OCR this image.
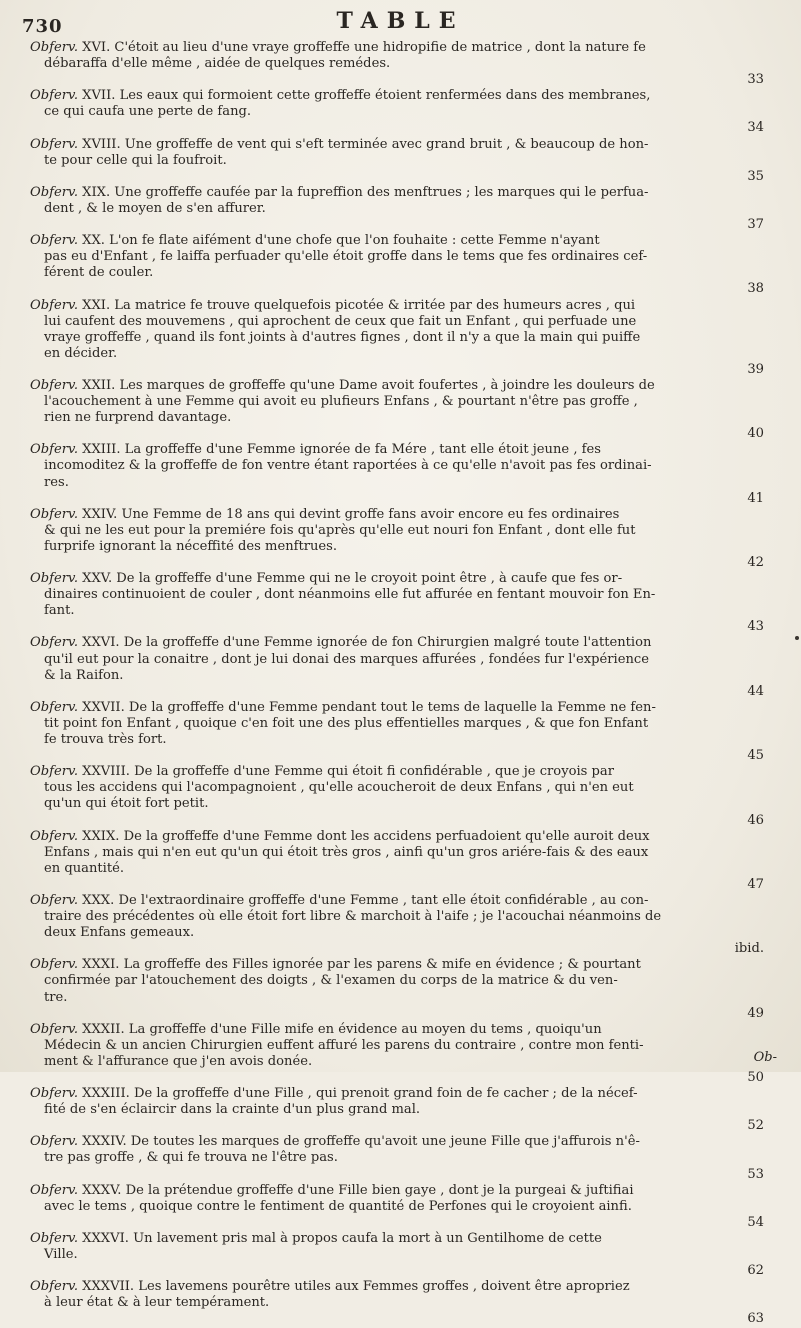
730	TABLE
Obferv. XVI. C'étoit au lieu d'une vraye groffeffe une hidropifie de matrice , dont la nature fe
débaraffa d'elle même , aidée de quelques remédes.
33
Obferv. XVII. Les eaux qui formoient cette groffeffe étoient renfermées dans des membranes,
ce qui caufa une perte de fang.
34
Obferv. XVIII. Une groffeffe de vent qui s'eft terminée avec grand bruit , & beaucoup de hon-
te pour celle qui la foufroit.
35
Obferv. XIX. Une groffeffe caufée par la fupreffion des menftrues ; les marques qui le perfua-
dent , & le moyen de s'en affurer.
37
Obferv. XX. L'on fe flate aifément d'une chofe que l'on fouhaite : cette Femme n'ayant
pas eu d'Enfant , fe laiffa perfuader qu'elle étoit groffe dans le tems que fes ordinaires cef-
férent de couler.
38
Obferv. XXI. La matrice fe trouve quelquefois picotée & irritée par des humeurs acres , qui
lui caufent des mouvemens , qui aprochent de ceux que fait un Enfant , qui perfuade une
vraye groffeffe , quand ils font joints à d'autres fignes , dont il n'y a que la main qui puiffe
en décider.
39
Obferv. XXII. Les marques de groffeffe qu'une Dame avoit foufertes , à joindre les douleurs de
l'acouchement à une Femme qui avoit eu plufieurs Enfans , & pourtant n'être pas groffe ,
rien ne furprend davantage.
40
Obferv. XXIII. La groffeffe d'une Femme ignorée de fa Mére , tant elle étoit jeune , fes
incomoditez & la groffeffe de fon ventre étant raportées à ce qu'elle n'avoit pas fes ordinai-
res.
41
Obferv. XXIV. Une Femme de 18 ans qui devint groffe fans avoir encore eu fes ordinaires
& qui ne les eut pour la premiére fois qu'après qu'elle eut nouri fon Enfant , dont elle fut
furprife ignorant la néceffité des menftrues.
42
Obferv. XXV. De la groffeffe d'une Femme qui ne le croyoit point être , à caufe que fes or-
dinaires continuoient de couler , dont néanmoins elle fut affurée en fentant mouvoir fon En-
fant.
43
Obferv. XXVI. De la groffeffe d'une Femme ignorée de fon Chirurgien malgré toute l'attention
qu'il eut pour la conaitre , dont je lui donai des marques affurées , fondées fur l'expérience
& la Raifon.
44
Obferv. XXVII. De la groffeffe d'une Femme pendant tout le tems de laquelle la Femme ne fen-
tit point fon Enfant , quoique c'en foit une des plus effentielles marques , & que fon Enfant
fe trouva très fort.
45
Obferv. XXVIII. De la groffeffe d'une Femme qui étoit fi confidérable , que je croyois par
tous les accidens qui l'acompagnoient , qu'elle acoucheroit de deux Enfans , qui n'en eut
qu'un qui étoit fort petit.
46
Obferv. XXIX. De la groffeffe d'une Femme dont les accidens perfuadoient qu'elle auroit deux
Enfans , mais qui n'en eut qu'un qui étoit très gros , ainfi qu'un gros ariére-fais & des eaux
en quantité.
47
Obferv. XXX. De l'extraordinaire groffeffe d'une Femme , tant elle étoit confidérable , au con-
traire des précédentes où elle étoit fort libre & marchoit à l'aife ; je l'acouchai néanmoins de
deux Enfans gemeaux.
ibid.
Obferv. XXXI. La groffeffe des Filles ignorée par les parens & mife en évidence ; & pourtant
confirmée par l'atouchement des doigts , & l'examen du corps de la matrice & du ven-
tre.
49
Obferv. XXXII. La groffeffe d'une Fille mife en évidence au moyen du tems , quoiqu'un
Médecin & un ancien Chirurgien euffent affuré les parens du contraire , contre mon fenti-
ment & l'affurance que j'en avois donée.
50
Obferv. XXXIII. De la groffeffe d'une Fille , qui prenoit grand foin de fe cacher ; de la nécef-
fité de s'en éclaircir dans la crainte d'un plus grand mal.
52
Obferv. XXXIV. De toutes les marques de groffeffe qu'avoit une jeune Fille que j'affurois n'ê-
tre pas groffe , & qui fe trouva ne l'être pas.
53
Obferv. XXXV. De la prétendue groffeffe d'une Fille bien gaye , dont je la purgeai & juftifiai
avec le tems , quoique contre le fentiment de quantité de Perfones qui le croyoient ainfi.
54
Obferv. XXXVI. Un lavement pris mal à propos caufa la mort à un Gentilhome de cette
Ville.
62
Obferv. XXXVII. Les lavemens pourêtre utiles aux Femmes groffes , doivent être apropriez
à leur état & à leur tempérament.
63
Ob-
